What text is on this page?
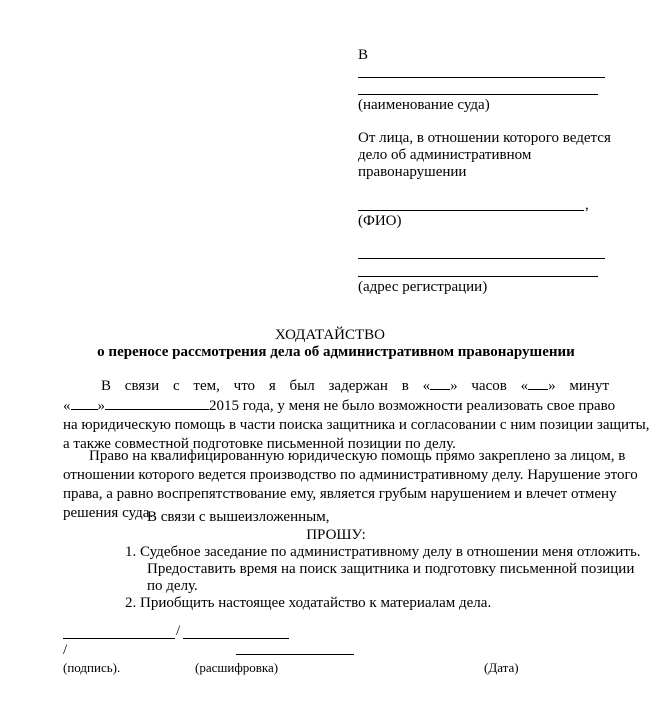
В
(наименование суда)
От лица, в отношении которого ведется
дело об административном
правонарушении
,
(ФИО)
(адрес регистрации)
ХОДАТАЙСТВО
о переносе рассмотрения дела об административном правонарушении
В связи с тем, что я был задержан в « » часов « » минут
« »	2015 года, у меня не было возможности реализовать свое право
на юридическую помощь в части поиска защитника и согласовании с ним позиции защиты,
а также совместной подготовке письменной позиции по делу.
Право на квалифицированную юридическую помощь прямо закреплено за лицом, в
отношении которого ведется производство по административному делу. Нарушение этого
права, а равно воспрепятствование ему, является грубым нарушением и влечет отмену
решения суда.
В связи с вышеизложенным,
ПРОШУ:
1. Судебное заседание по административному делу в отношении меня отложить.
Предоставить время на поиск защитника и подготовку письменной позиции
по делу.
2. Приобщить настоящее ходатайство к материалам дела.
/
/
(подпись).	(расшифровка)	(Дата)
